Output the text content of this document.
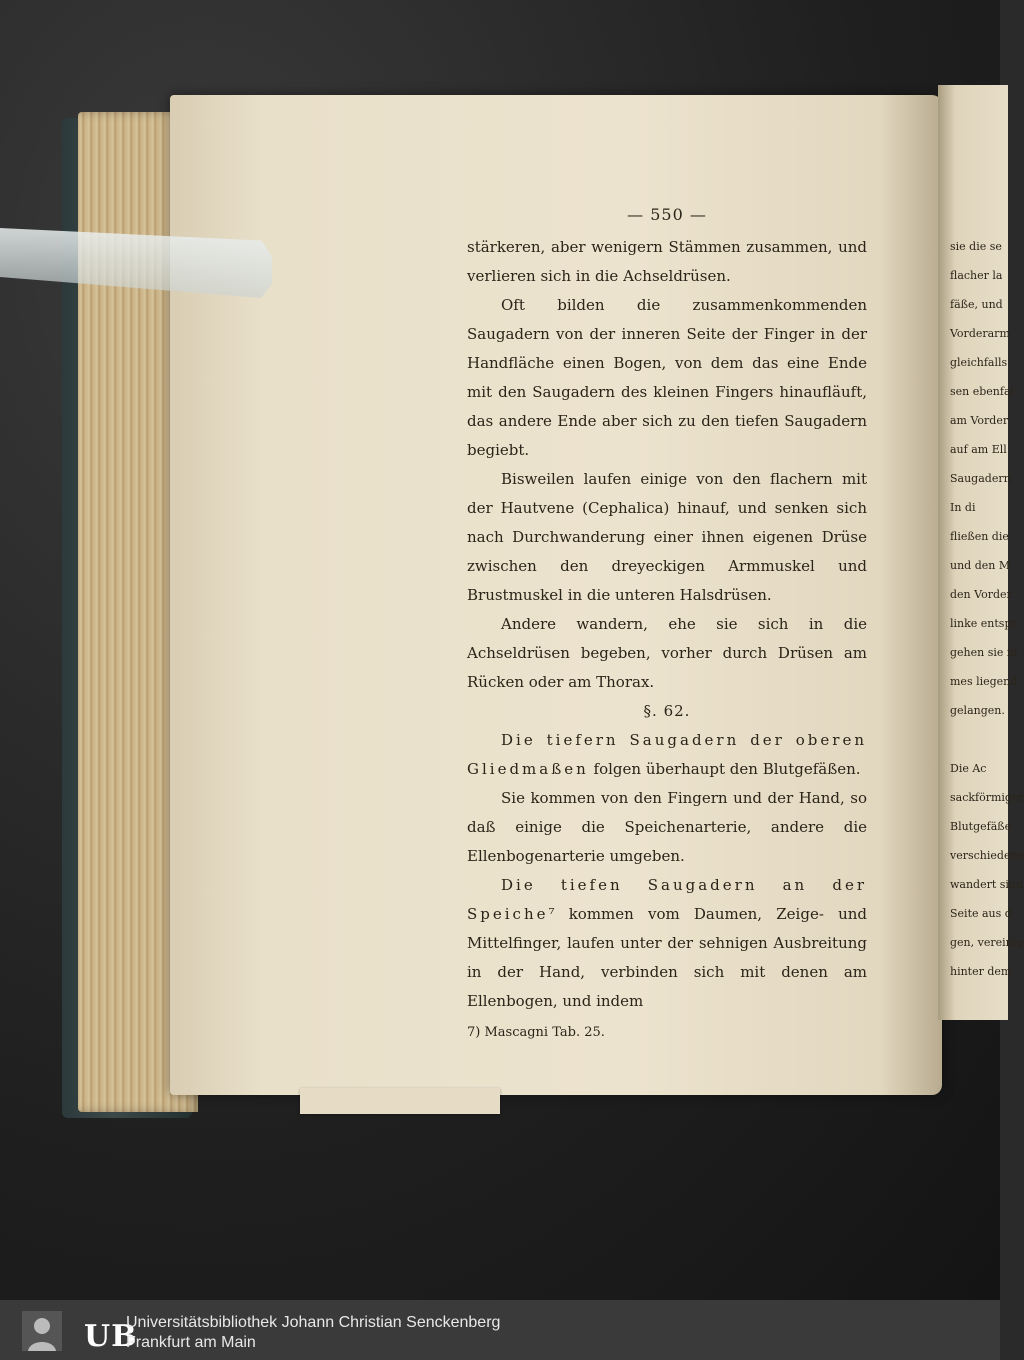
— 550 —

stärkeren, aber wenigern Stämmen zusammen, und verlieren sich in die Achseldrüsen.

Oft bilden die zusammenkommenden Saugadern von der inneren Seite der Finger in der Handfläche einen Bogen, von dem das eine Ende mit den Saugadern des kleinen Fingers hinaufläuft, das andere Ende aber sich zu den tiefen Saugadern begiebt.

Bisweilen laufen einige von den flachern mit der Hautvene (Cephalica) hinauf, und senken sich nach Durchwanderung einer ihnen eigenen Drüse zwischen den dreyeckigen Armmuskel und Brustmuskel in die unteren Halsdrüsen.

Andere wandern, ehe sie sich in die Achseldrüsen begeben, vorher durch Drüsen am Rücken oder am Thorax.

§. 62.

Die tiefern Saugadern der oberen Gliedmaßen folgen überhaupt den Blutgefäßen.

Sie kommen von den Fingern und der Hand, so daß einige die Speichenarterie, andere die Ellenbogenarterie umgeben.

Die tiefen Saugadern an der Speiche⁷ kommen vom Daumen, Zeige- und Mittelfinger, laufen unter der sehnigen Ausbreitung in der Hand, verbinden sich mit denen am Ellenbogen, und indem

7) Mascagni Tab. 25.
sie die se
flacher la
fäße, und
Vorderarm
gleichfalls
sen ebenfal
am Vorder
auf am Ell
Saugadern
In di
fließen die
und den M
den Vorder
linke entspr
gehen sie in
mes liegend
gelangen.

Die Ac
sackförmiger
Blutgefäße
verschiedene
wandert sind
Seite aus d
gen, vereinig
hinter dem
UB
Universitätsbibliothek Johann Christian Senckenberg
Frankfurt am Main
